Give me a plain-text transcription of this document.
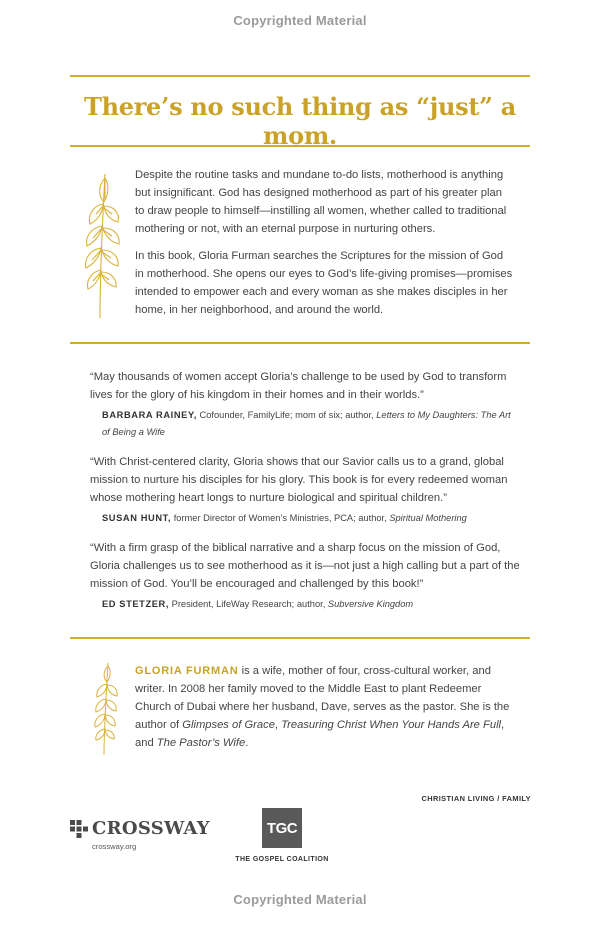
Copyrighted Material
There’s no such thing as “just” a mom.

Despite the routine tasks and mundane to-do lists, motherhood is anything but insignificant. God has designed motherhood as part of his greater plan to draw people to himself—instilling all women, whether called to traditional mothering or not, with an eternal purpose in nurturing others.

In this book, Gloria Furman searches the Scriptures for the mission of God in motherhood. She opens our eyes to God’s life-giving promises—promises intended to empower each and every woman as she makes disciples in her home, in her neighborhood, and around the world.

“May thousands of women accept Gloria’s challenge to be used by God to transform lives for the glory of his kingdom in their homes and in their worlds.”

BARBARA RAINEY, Cofounder, FamilyLife; mom of six; author, Letters to My Daughters: The Art of Being a Wife

“With Christ-centered clarity, Gloria shows that our Savior calls us to a grand, global mission to nurture his disciples for his glory. This book is for every redeemed woman whose mothering heart longs to nurture biological and spiritual children.”

SUSAN HUNT, former Director of Women’s Ministries, PCA; author, Spiritual Mothering

“With a firm grasp of the biblical narrative and a sharp focus on the mission of God, Gloria challenges us to see motherhood as it is—not just a high calling but a part of the mission of God. You’ll be encouraged and challenged by this book!”

ED STETZER, President, LifeWay Research; author, Subversive Kingdom

GLORIA FURMAN is a wife, mother of four, cross-cultural worker, and writer. In 2008 her family moved to the Middle East to plant Redeemer Church of Dubai where her husband, Dave, serves as the pastor. She is the author of Glimpses of Grace, Treasuring Christ When Your Hands Are Full, and The Pastor’s Wife.

CHRISTIAN LIVING / FAMILY
CROSSWAY
crossway.org
TGC
THE GOSPEL COALITION
Copyrighted Material
